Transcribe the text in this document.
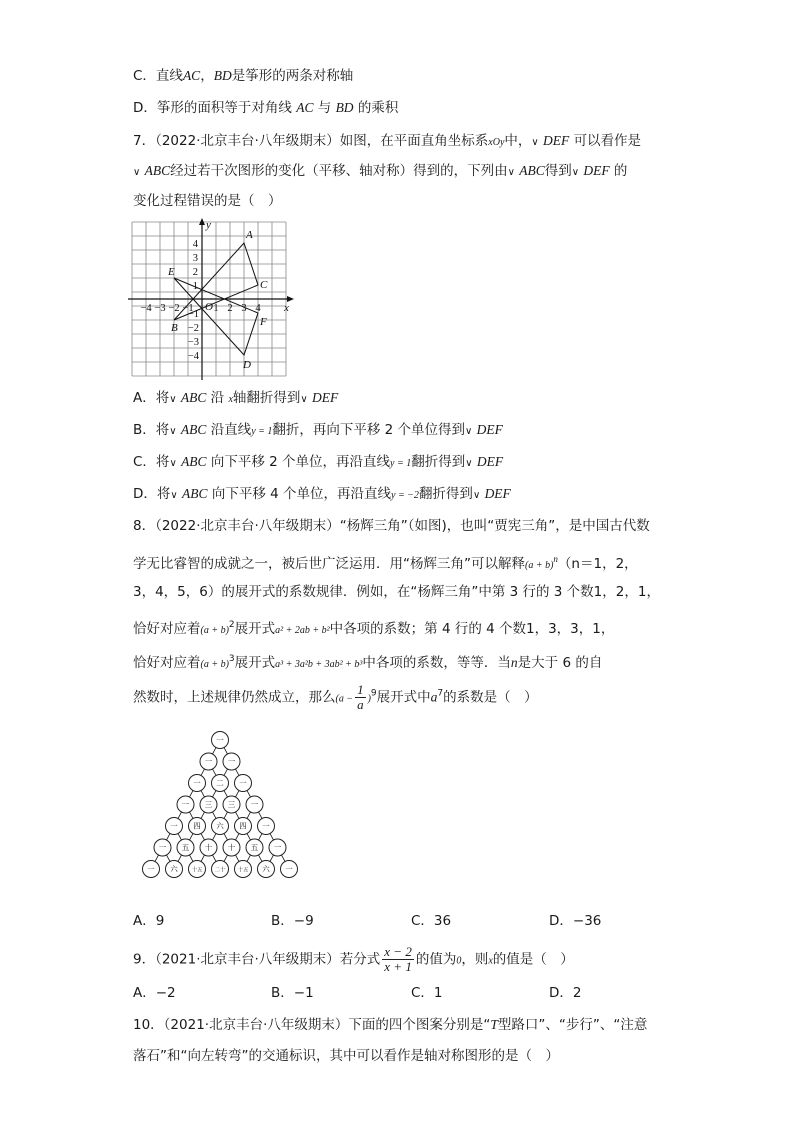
C．直线AC，BD是筝形的两条对称轴
D．筝形的面积等于对角线 AC 与 BD 的乘积
7．（2022·北京丰台·八年级期末）如图，在平面直角坐标系xOy中，∨ DEF 可以看作是
∨ ABC经过若干次图形的变化（平移、轴对称）得到的，下列由∨ ABC得到∨ DEF 的
变化过程错误的是（　）
−4 −3 −2 −1 1 2 3 4
4
3
2
1
−1
−2
−3
−4
x
y
O
A
B
C
D
E
F
A．将∨ ABC 沿 x轴翻折得到∨ DEF
B．将∨ ABC 沿直线y = 1翻折，再向下平移 2 个单位得到∨ DEF
C．将∨ ABC 向下平移 2 个单位，再沿直线y = 1翻折得到∨ DEF
D．将∨ ABC 向下平移 4 个单位，再沿直线y = −2翻折得到∨ DEF
8．（2022·北京丰台·八年级期末）“杨辉三角”（如图)，也叫“贾宪三角”，是中国古代数
学无比睿智的成就之一，被后世广泛运用．用“杨辉三角”可以解释$(a + b)^n(n=1$，2，
3，4，5，6）的展开式的系数规律．例如，在“杨辉三角”中第 3 行的 3 个数1，2，1，
恰好对应着$(a + b)^2$展开式a² + 2ab + b²中各项的系数；第 4 行的 4 个数1，3，3，1，
恰好对应着$(a + b)^3$展开式a³ + 3a²b + 3ab² + b³中各项的系数，等等．当n是大于 6 的自
然数时，上述规律仍然成立，那么$(a - \frac{1}{a} )^9$展开式中$a^7$的系数是（　）
一
一 一
一 二 一
一 三 三 一
一 四 六 四 一
一 五 十 十 五 一
一 六 十五 二十 十五 六 一
A．9	B．−9	C．36	D．−36
9．（2021·北京丰台·八年级期末）若分式 $\frac{x - 2}{x + 1}$ 的值为0，则x的值是（　）
A．−2	B．−1	C．1	D．2
10．（2021·北京丰台·八年级期末）下面的四个图案分别是“T型路口”、“步行”、“注意
落石”和“向左转弯”的交通标识，其中可以看作是轴对称图形的是（　）
